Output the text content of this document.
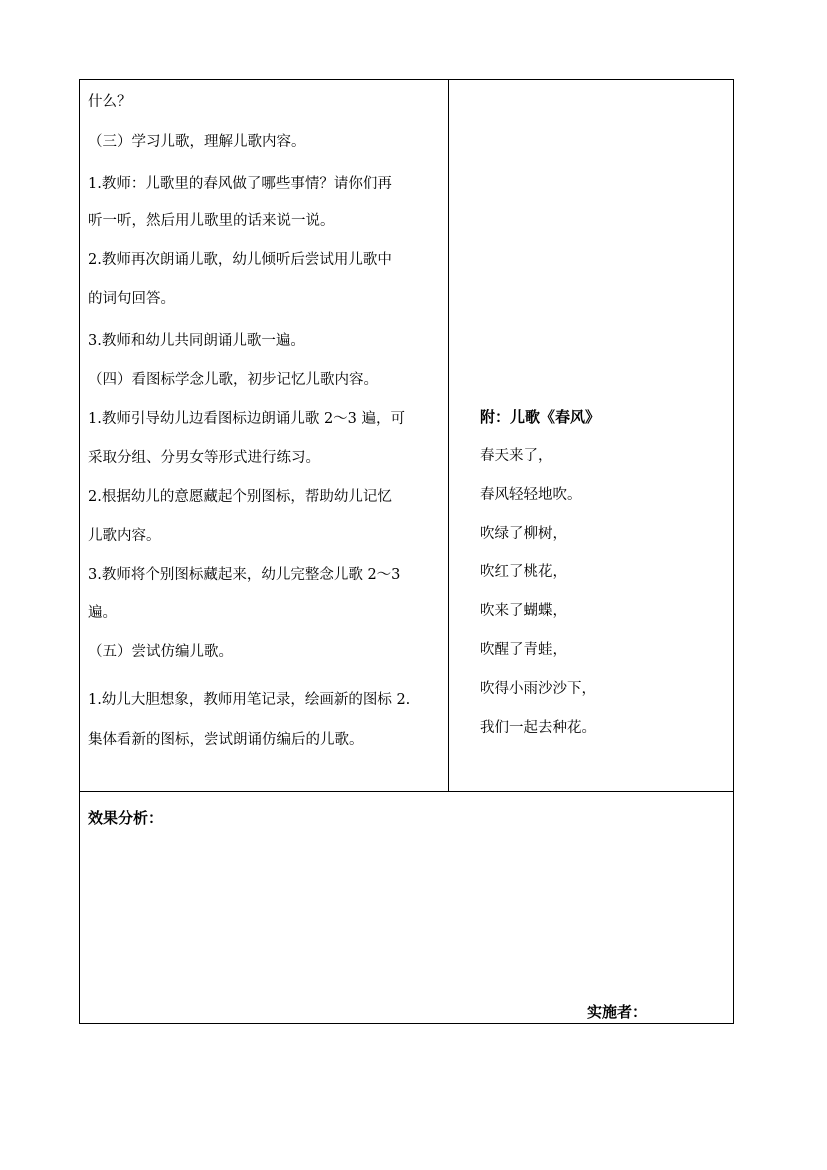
什么？
（三）学习儿歌，理解儿歌内容。
1.教师：儿歌里的春风做了哪些事情？请你们再
听一听，然后用儿歌里的话来说一说。
2.教师再次朗诵儿歌，幼儿倾听后尝试用儿歌中
的词句回答。
3.教师和幼儿共同朗诵儿歌一遍。
（四）看图标学念儿歌，初步记忆儿歌内容。
1.教师引导幼儿边看图标边朗诵儿歌 2～3 遍，可
采取分组、分男女等形式进行练习。
2.根据幼儿的意愿藏起个别图标，帮助幼儿记忆
儿歌内容。
3.教师将个别图标藏起来，幼儿完整念儿歌 2～3
遍。
（五）尝试仿编儿歌。
1.幼儿大胆想象，教师用笔记录，绘画新的图标 2.
集体看新的图标，尝试朗诵仿编后的儿歌。
附：儿歌《春风》
春天来了，
春风轻轻地吹。
吹绿了柳树，
吹红了桃花，
吹来了蝴蝶，
吹醒了青蛙，
吹得小雨沙沙下，
我们一起去种花。
效果分析：
实施者：
